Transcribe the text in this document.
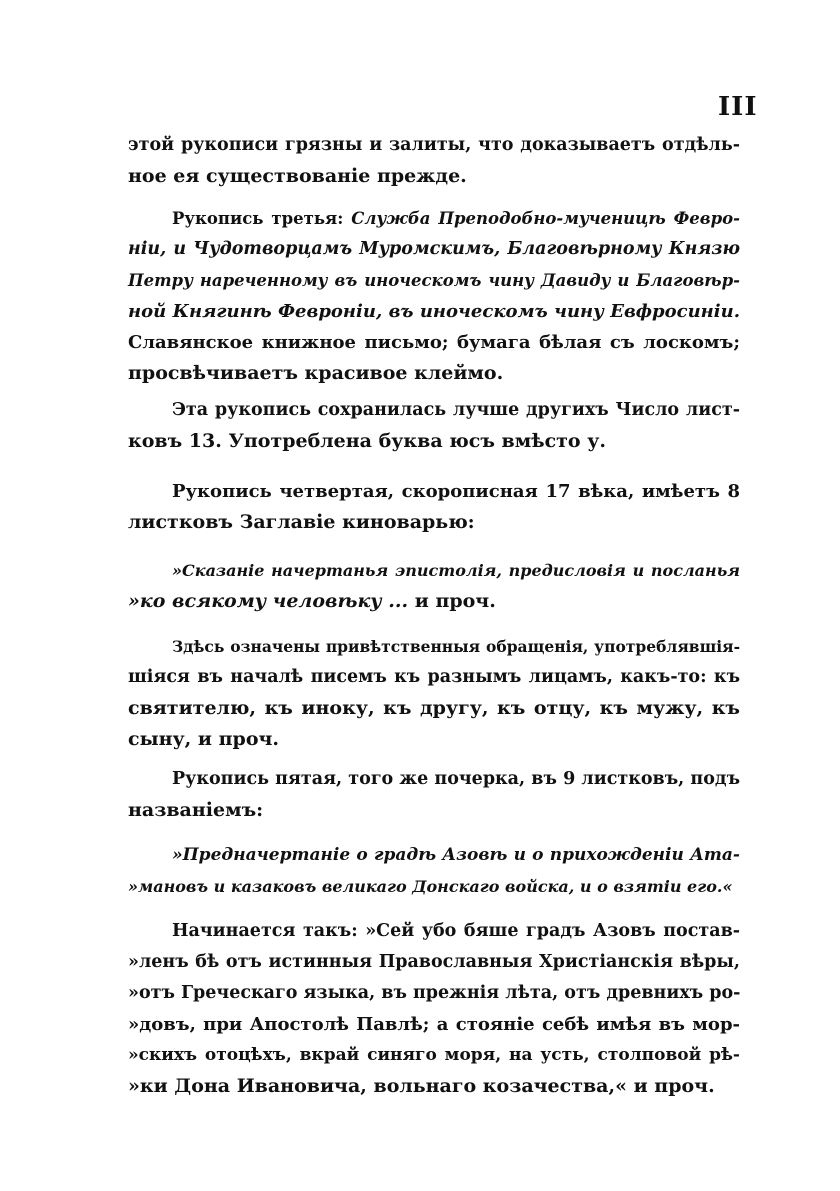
III
этой рукописи грязны и залиты, что доказываетъ отдѣль-
ное ея существованіе прежде.
Рукопись третья: Служба Преподобно-мученицѣ Февро-
ніи, и Чудотворцамъ Муромскимъ, Благовѣрному Князю
Петру нареченному въ иноческомъ чину Давиду и Благовѣр-
ной Княгинѣ Февроніи, въ иноческомъ чину Евфросиніи.
Славянское книжное письмо; бумага бѣлая съ лоскомъ;
просвѣчиваетъ красивое клеймо.
Эта рукопись сохранилась лучше другихъ Число лист-
ковъ 13. Употреблена буква юсъ вмѣсто у.
Рукопись четвертая, скорописная 17 вѣка, имѣетъ 8
листковъ Заглавіе киноварью:
»Сказаніе начертанья эпистолія, предисловія и посланья
»ко всякому человѣку ... и проч.
Здѣсь означены привѣтственныя обращенія, употреблявшія-
шіяся въ началѣ писемъ къ разнымъ лицамъ, какъ-то: къ
святителю, къ иноку, къ другу, къ отцу, къ мужу, къ
сыну, и проч.
Рукопись пятая, того же почерка, въ 9 листковъ, подъ
названіемъ:
»Предначертаніе о градѣ Азовѣ и о прихожденіи Ата-
»мановъ и казаковъ великаго Донскаго войска, и о взятіи его.«
Начинается такъ: »Сей убо бяше градъ Азовъ постав-
»ленъ бѣ отъ истинныя Православныя Христіанскія вѣры,
»отъ Греческаго языка, въ прежнія лѣта, отъ древнихъ ро-
»довъ, при Апостолѣ Павлѣ; а стояніе себѣ имѣя въ мор-
»скихъ отоцѣхъ, вкрай синяго моря, на усть, столповой рѣ-
»ки Дона Ивановича, вольнаго козачества,« и проч.
